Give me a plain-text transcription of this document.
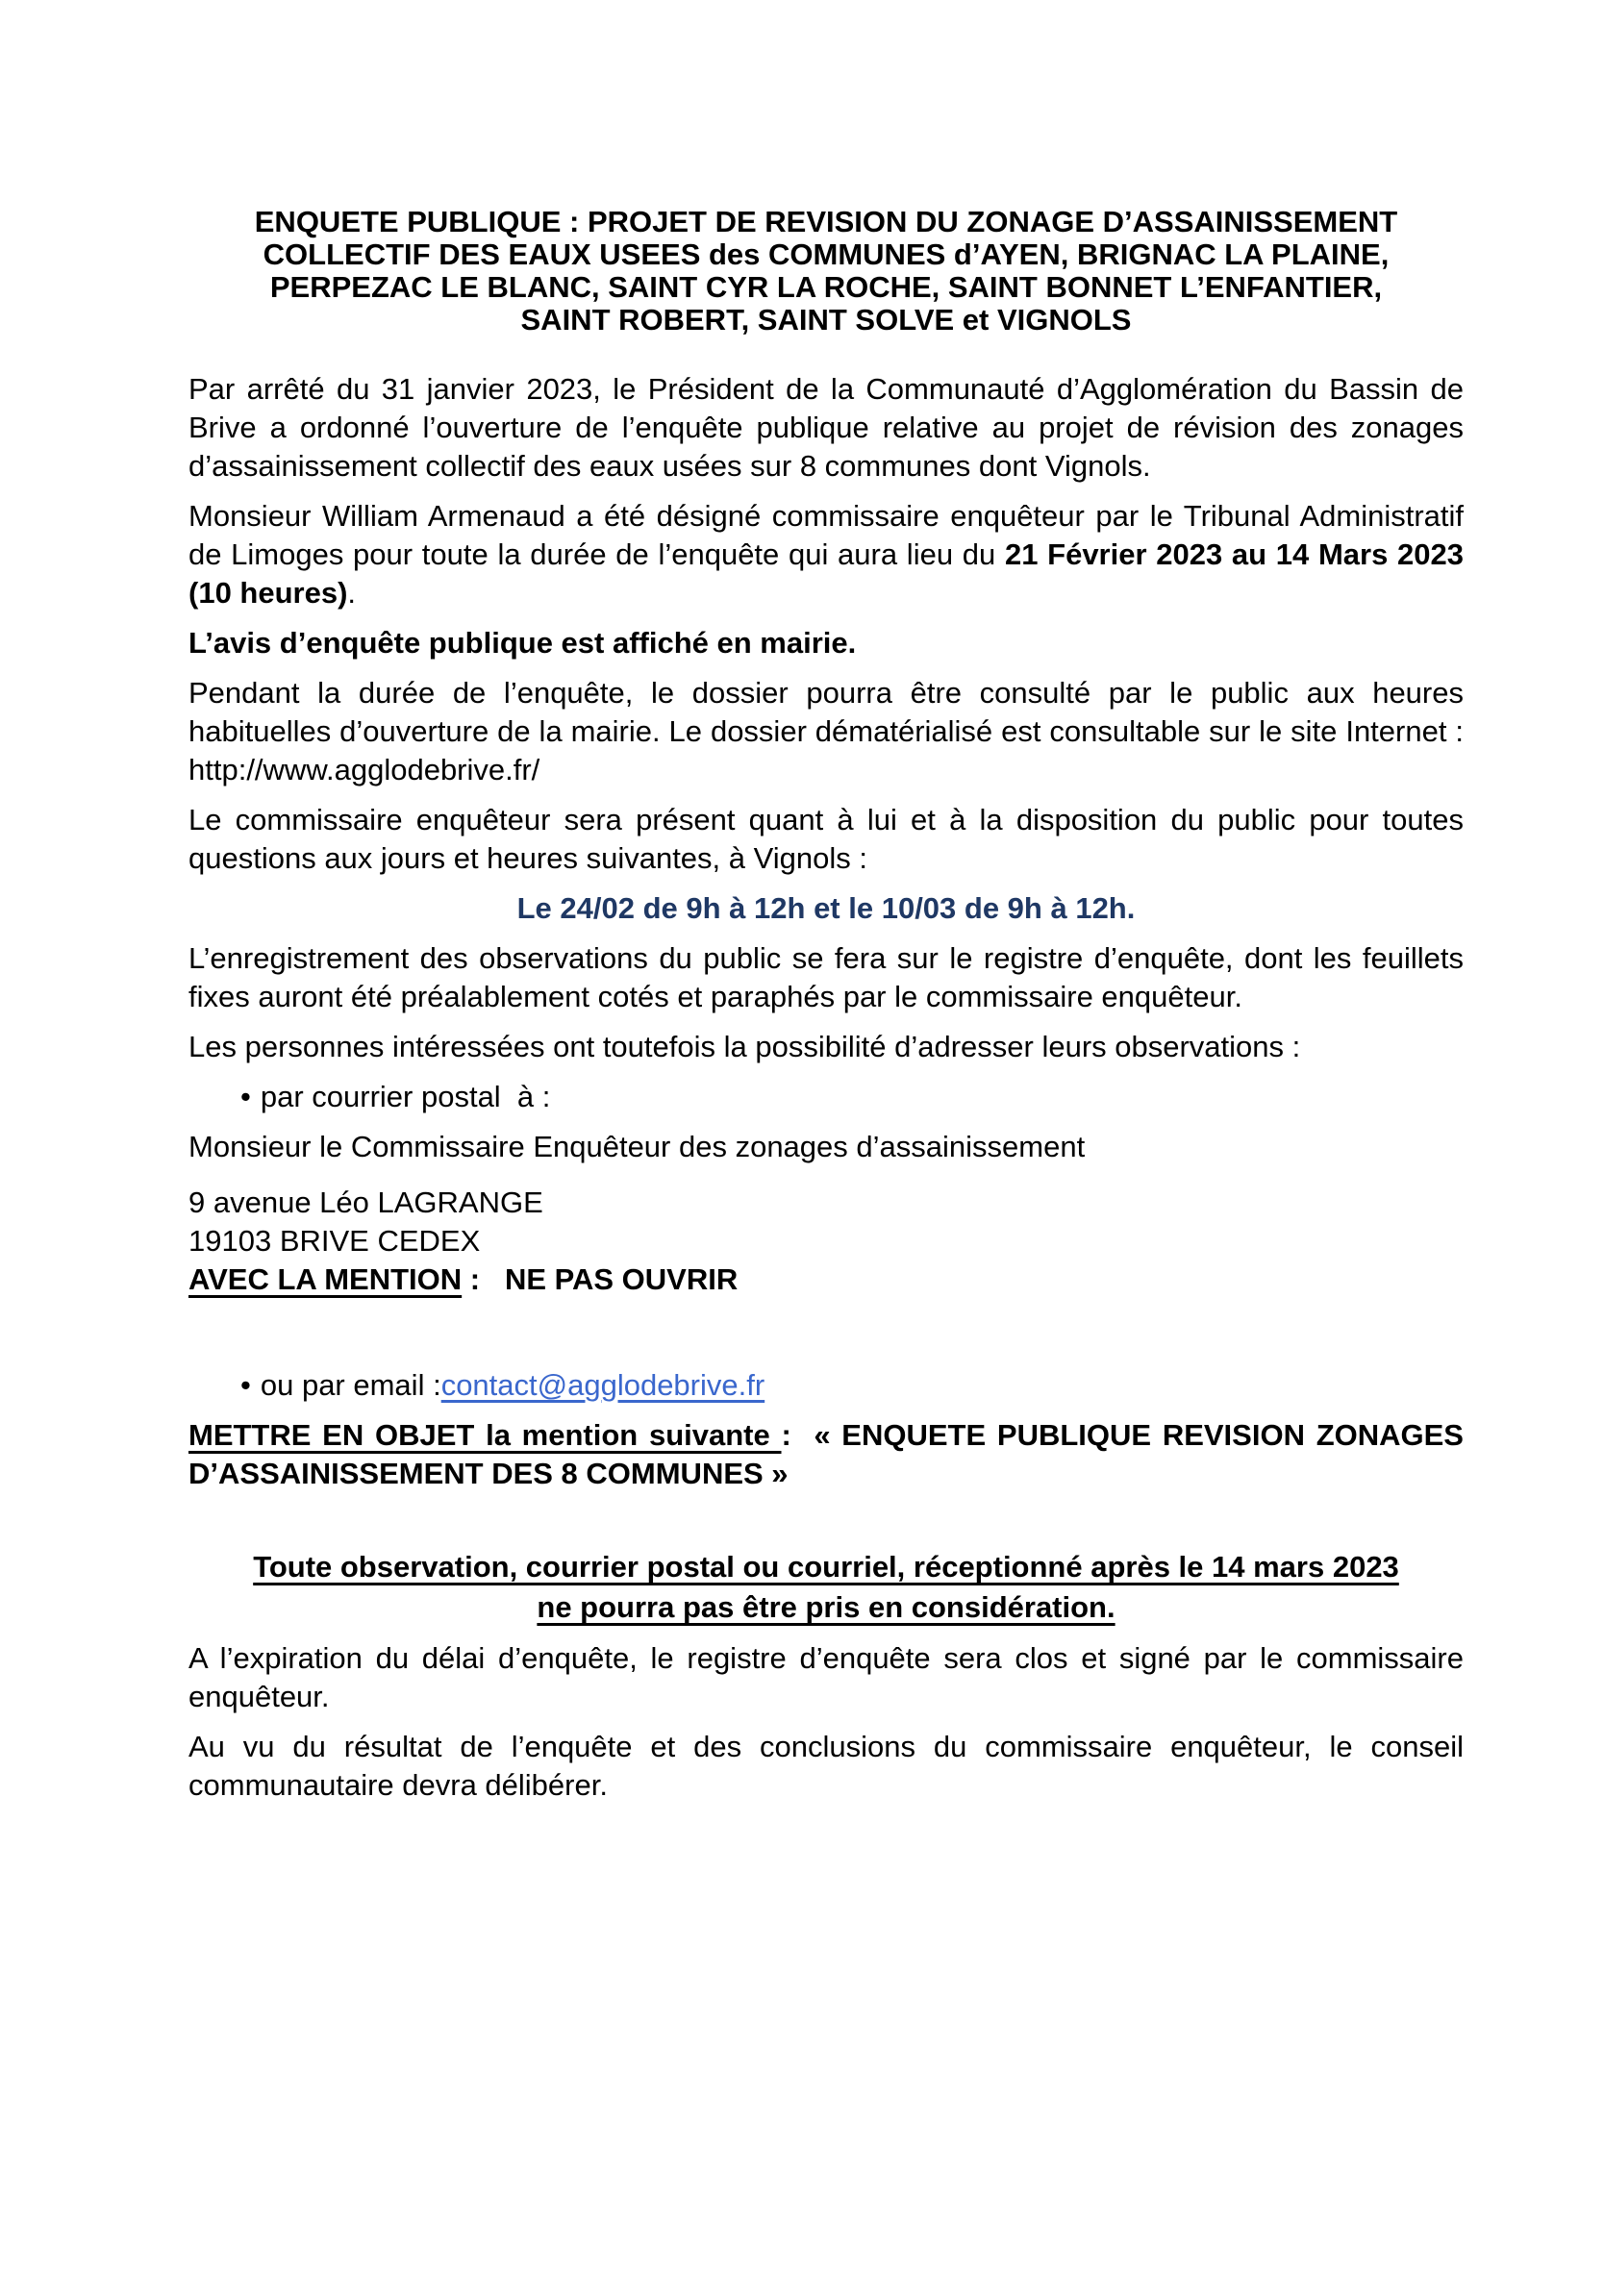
ENQUETE PUBLIQUE : PROJET DE REVISION DU ZONAGE D’ASSAINISSEMENT
COLLECTIF DES EAUX USEES des COMMUNES d’AYEN, BRIGNAC LA PLAINE,
PERPEZAC LE BLANC, SAINT CYR LA ROCHE, SAINT BONNET L’ENFANTIER,
SAINT ROBERT, SAINT SOLVE et VIGNOLS

Par arrêté du 31 janvier 2023, le Président de la Communauté d’Agglomération du Bassin de Brive a ordonné l’ouverture de l’enquête publique relative au projet de révision des zonages d’assainissement collectif des eaux usées sur 8 communes dont Vignols.

Monsieur William Armenaud a été désigné commissaire enquêteur par le Tribunal Administratif de Limoges pour toute la durée de l’enquête qui aura lieu du 21 Février 2023 au 14 Mars 2023 (10 heures).

L’avis d’enquête publique est affiché en mairie.

Pendant la durée de l’enquête, le dossier pourra être consulté par le public aux heures habituelles d’ouverture de la mairie. Le dossier dématérialisé est consultable sur le site Internet : http://www.agglodebrive.fr/

Le commissaire enquêteur sera présent quant à lui et à la disposition du public pour toutes questions aux jours et heures suivantes, à Vignols :

Le 24/02 de 9h à 12h et le 10/03 de 9h à 12h.

L’enregistrement des observations du public se fera sur le registre d’enquête, dont les feuillets fixes auront été préalablement cotés et paraphés par le commissaire enquêteur.

Les personnes intéressées ont toutefois la possibilité d’adresser leurs observations :

• par courrier postal  à :

Monsieur le Commissaire Enquêteur des zonages d’assainissement

9 avenue Léo LAGRANGE
19103 BRIVE CEDEX
AVEC LA MENTION :   NE PAS OUVRIR

• ou par email :contact@agglodebrive.fr

METTRE EN OBJET la mention suivante :  « ENQUETE PUBLIQUE REVISION ZONAGES D’ASSAINISSEMENT DES 8 COMMUNES »

Toute observation, courrier postal ou courriel, réceptionné après le 14 mars 2023
ne pourra pas être pris en considération.

A l’expiration du délai d’enquête, le registre d’enquête sera clos et signé par le commissaire enquêteur.

Au vu du résultat de l’enquête et des conclusions du commissaire enquêteur, le conseil communautaire devra délibérer.
